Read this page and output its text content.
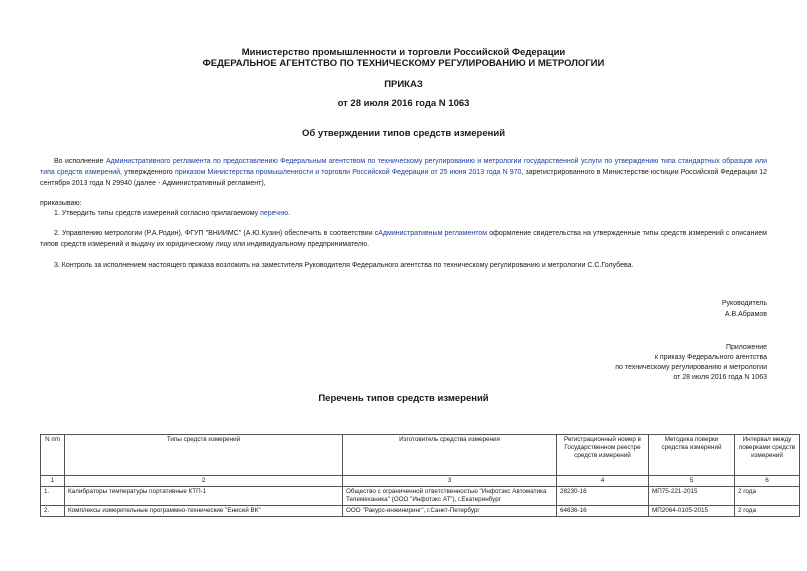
Министерство промышленности и торговли Российской Федерации
ФЕДЕРАЛЬНОЕ АГЕНТСТВО ПО ТЕХНИЧЕСКОМУ РЕГУЛИРОВАНИЮ И МЕТРОЛОГИИ
ПРИКАЗ
от 28 июля 2016 года N 1063
Об утверждении типов средств измерений
Во исполнение Административного регламента по предоставлению Федеральным агентством по техническому регулированию и метрологии государственной услуги по утверждению типа стандартных образцов или типа средств измерений, утвержденного приказом Министерства промышленности и торговли Российской Федерации от 25 июня 2013 года N 970, зарегистрированного в Министерстве юстиции Российской Федерации 12 сентября 2013 года N 29940 (далее - Административный регламент),
приказываю:
1. Утвердить типы средств измерений согласно прилагаемому перечню.
2. Управлению метрологии (Р.А.Родин), ФГУП "ВНИИМС" (А.Ю.Кузин) обеспечить в соответствии сАдминистративным регламентом оформление свидетельства на утвержденные типы средств измерений с описанием типов средств измерений и выдачу их юридическому лицу или индивидуальному предпринимателю.
3. Контроль за исполнением настоящего приказа возложить на заместителя Руководителя Федерального агентства по техническому регулированию и метрологии С.С.Голубева.
Руководитель
А.В.Абрамов
Приложение
к приказу Федерального агентства
по техническому регулированию и метрологии
от 28 июля 2016 года N 1063
Перечень типов средств измерений
N п/п	Типы средств измерений	Изготовитель средства измерения	Регистрационный номер в Государственном реестре средств измерений	Методика поверки средства измерений	Интервал между поверками средств измерений
1	2	3	4	5	6
1.	Калибраторы температуры портативные КТП-1	Общество с ограниченной ответственностью "Инфотэкс Автоматика Телемеханика" (ООО "Инфотэкс АТ"), г.Екатеринбург	28230-16	МП75-221-2015	2 года
2.	Комплексы измерительные программно-технические "Енисей ВК"	ООО "Ракурс-инжиниринг", г.Санкт-Петербург	64636-16	МП2064-0105-2015	2 года
